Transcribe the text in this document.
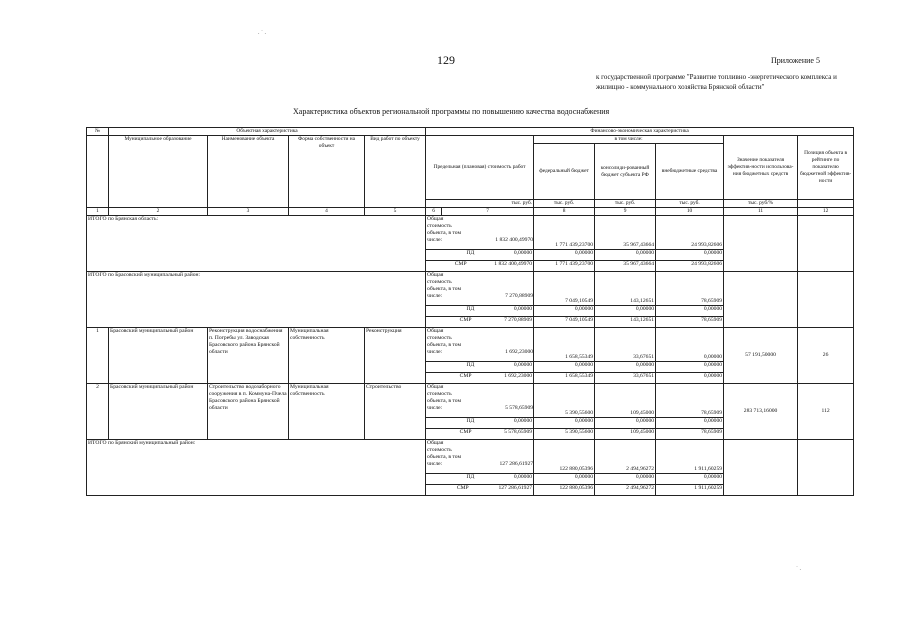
. ˙ .
˙ .
129	Приложение 5
к государственной программе "Развитие топливно -энергетического комплекса и жилищно - коммунального хозяйства Брянской области"
Характеристика объектов региональной программы по повышению качества водоснабжения
№	Объектная характеристика				Финансово-экономическая характеристика						
	Муниципальное образование	Наименование объекта	Форма собственности на объект	Вид работ по объекту	Предельная (плановая) стоимость работ		в том числе:			Значение показателя эффектив-ности использова-ния бюджетных средств	Позиция объекта в рейтинге по показателю бюджетной эффектив-ности
							федеральный бюджет	консолиди-рованный бюджет субъекта РФ	внебюджетные средства		
					тыс. руб.		тыс. руб.	тыс. руб.	тыс. руб.	тыс. руб/%	
1	2	3	4	5	6	7	8	9	10	11	12
ИТОГО по Брянская область:					Общая стоимость объекта, в том числе: 1 832 400,49970		1 771 439,23700	35 967,43664	24 993,82606		

					ПД 0,00000		0,00000	0,00000	0,00000		

					СМР 1 832 400,49970		1 771 439,23700	35 967,43664	24 993,82606		
ИТОГО по Брасовский муниципальный район:					Общая стоимость объекта, в том числе: 7 270,88909		7 049,10549	143,12651	78,65909		

					ПД 0,00000		0,00000	0,00000	0,00000		

					СМР 7 270,88909		7 049,10549	143,12651	78,65909		
1	Брасовский муниципальный район	Реконструкция водоснабжения п. Погребы ул. Заводская Брасовского района Брянской области	Муниципальная собственность	Реконструкция	Общая стоимость объекта, в том числе: 1 692,23000		1 658,55349	33,67651	0,00000	57 191,50000	26

					ПД 0,00000		0,00000	0,00000	0,00000		

					СМР 1 692,23000		1 658,55349	33,67651	0,00000		
2	Брасовский муниципальный район	Строительство водозаборного сооружения в п. Коммуна-Пчела Брасовского района Брянской области	Муниципальная собственность	Строительство	Общая стоимость объекта, в том числе: 5 578,65909		5 390,55600	109,45000	78,65909	283 713,16000	112

					ПД 0,00000		0,00000	0,00000	0,00000		

					СМР 5 578,65909		5 390,55600	109,45000	78,65909		
ИТОГО по Брянский муниципальный район:					Общая стоимость объекта, в том числе: 127 286,61927		122 880,05396	2 494,96272	1 911,60259		

					ПД 0,00000		0,00000	0,00000	0,00000		

					СМР 127 286,61927		122 880,05396	2 494,96272	1 911,60259		
